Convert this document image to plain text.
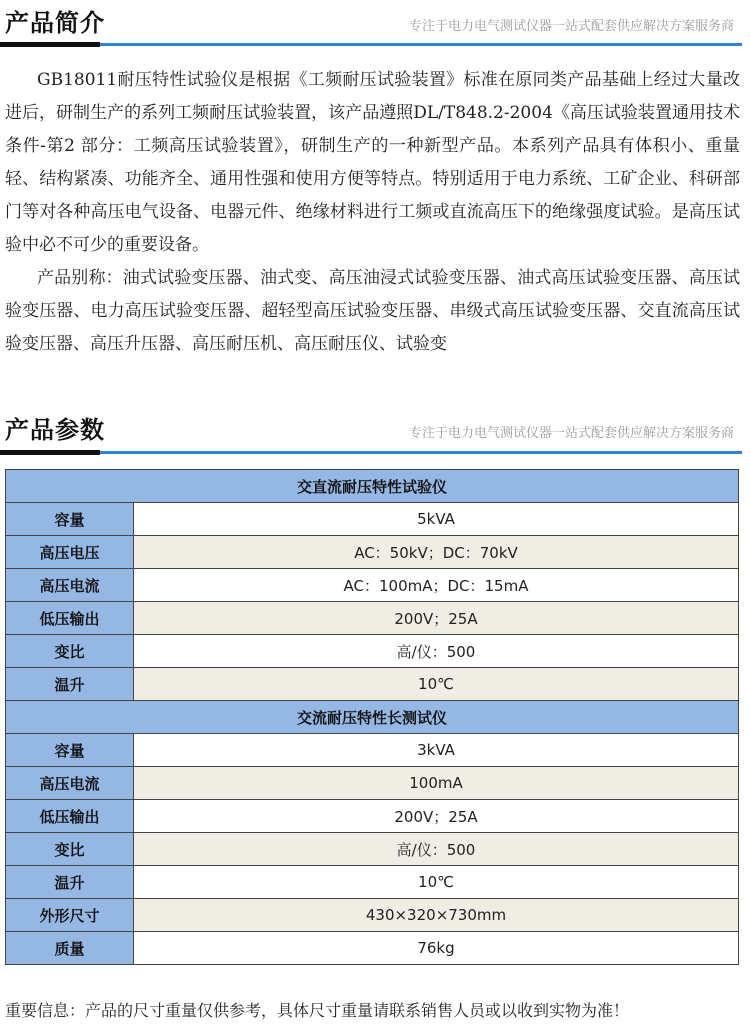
产品简介	专注于电力电气测试仪器一站式配套供应解决方案服务商

GB18011耐压特性试验仪是根据《工频耐压试验装置》标准在原同类产品基础上经过大量改进后，研制生产的系列工频耐压试验装置，该产品遵照DL/T848.2-2004《高压试验装置通用技术条件-第2 部分：工频高压试验装置》，研制生产的一种新型产品。本系列产品具有体积小、重量轻、结构紧凑、功能齐全、通用性强和使用方便等特点。特别适用于电力系统、工矿企业、科研部门等对各种高压电气设备、电器元件、绝缘材料进行工频或直流高压下的绝缘强度试验。是高压试验中必不可少的重要设备。

产品别称：油式试验变压器、油式变、高压油浸式试验变压器、油式高压试验变压器、高压试验变压器、电力高压试验变压器、超轻型高压试验变压器、串级式高压试验变压器、交直流高压试验变压器、高压升压器、高压耐压机、高压耐压仪、试验变

产品参数	专注于电力电气测试仪器一站式配套供应解决方案服务商
交直流耐压特性试验仪	
容量	5kVA
高压电压	AC：50kV；DC：70kV
高压电流	AC：100mA；DC：15mA
低压输出	200V；25A
变比	高/仪：500
温升	10℃
交流耐压特性长测试仪	
容量	3kVA
高压电流	100mA
低压输出	200V；25A
变比	高/仪：500
温升	10℃
外形尺寸	430×320×730mm
质量	76kg
重要信息：产品的尺寸重量仅供参考，具体尺寸重量请联系销售人员或以收到实物为准！
